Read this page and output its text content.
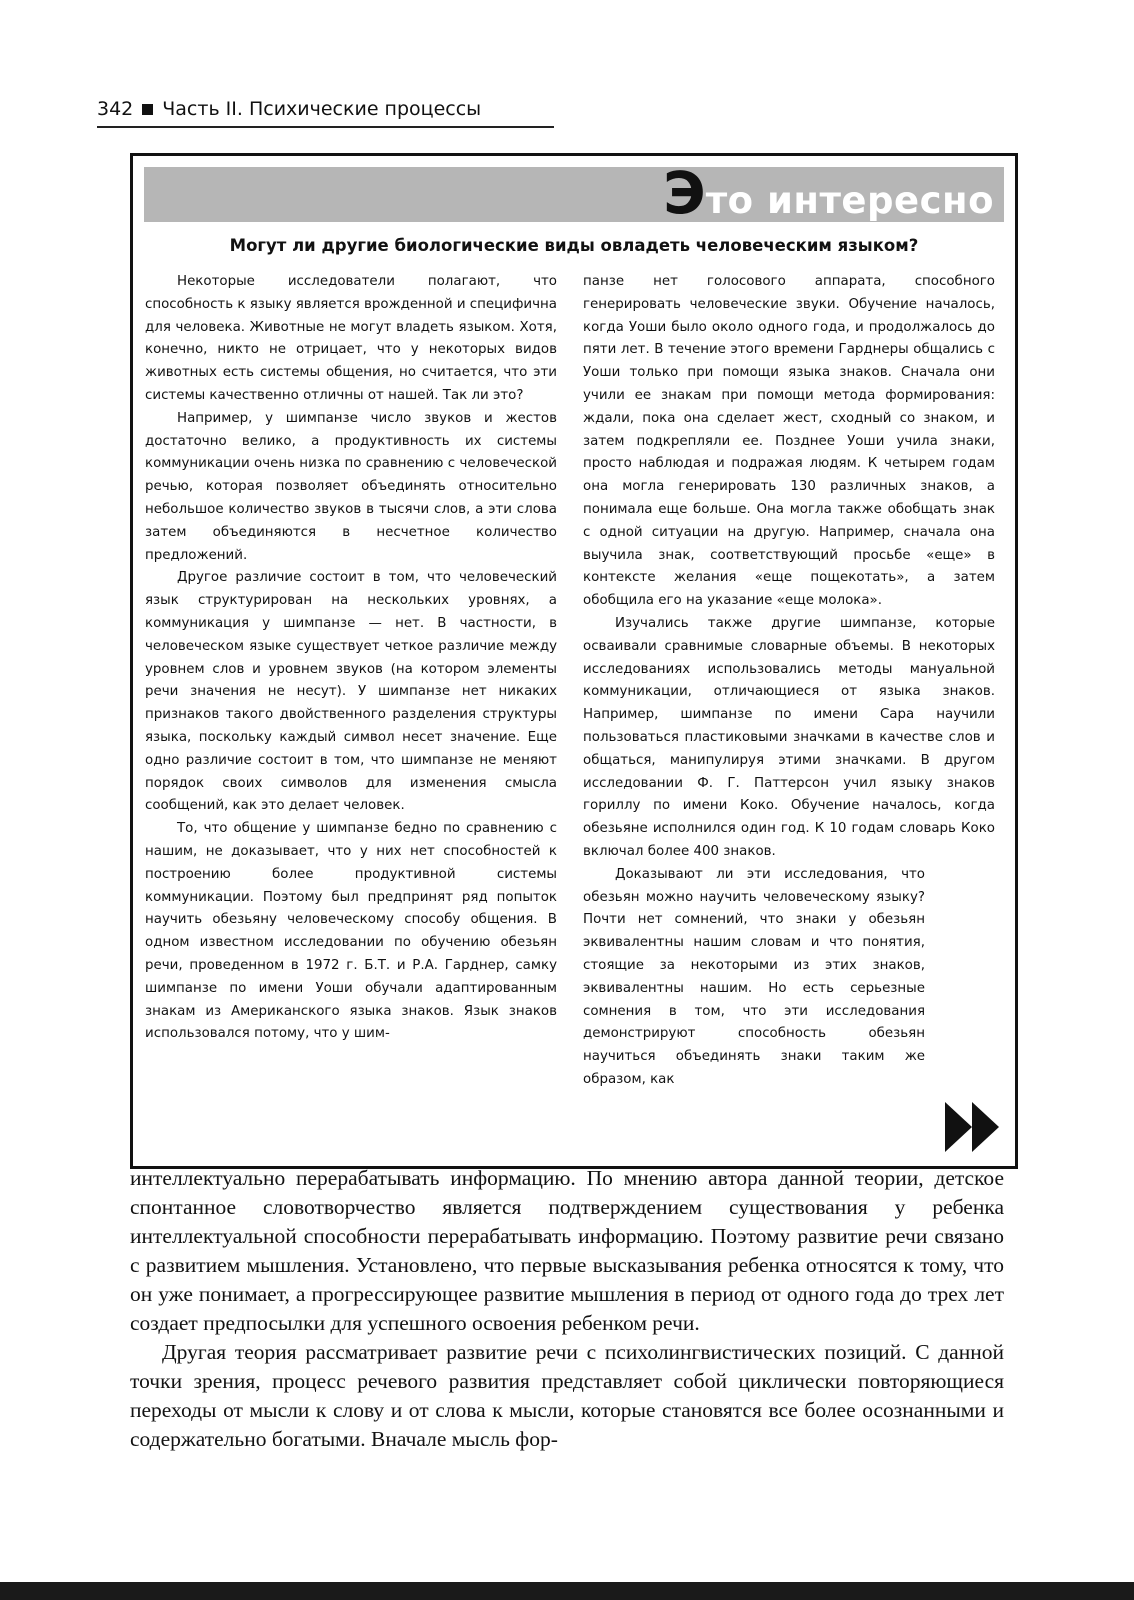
342 Часть II. Психические процессы
Это интересно
Могут ли другие биологические виды овладеть человеческим языком?

Некоторые исследователи полагают, что способность к языку является врожденной и специфична для человека. Животные не могут владеть языком. Хотя, конечно, никто не отрицает, что у некоторых видов животных есть системы общения, но считается, что эти системы качественно отличны от нашей. Так ли это?

Например, у шимпанзе число звуков и жестов достаточно велико, а продуктивность их системы коммуникации очень низка по сравнению с человеческой речью, которая позволяет объединять относительно небольшое количество звуков в тысячи слов, а эти слова затем объединяются в несчетное количество предложений.

Другое различие состоит в том, что человеческий язык структурирован на нескольких уровнях, а коммуникация у шимпанзе — нет. В частности, в человеческом языке существует четкое различие между уровнем слов и уровнем звуков (на котором элементы речи значения не несут). У шимпанзе нет никаких признаков такого двойственного разделения структуры языка, поскольку каждый символ несет значение. Еще одно различие состоит в том, что шимпанзе не меняют порядок своих символов для изменения смысла сообщений, как это делает человек.

То, что общение у шимпанзе бедно по сравнению с нашим, не доказывает, что у них нет способностей к построению более продуктивной системы коммуникации. Поэтому был предпринят ряд попыток научить обезьяну человеческому способу общения. В одном известном исследовании по обучению обезьян речи, проведенном в 1972 г. Б.Т. и Р.А. Гарднер, самку шимпанзе по имени Уоши обучали адаптированным знакам из Американского языка знаков. Язык знаков использовался потому, что у шим-

панзе нет голосового аппарата, способного генерировать человеческие звуки. Обучение началось, когда Уоши было около одного года, и продолжалось до пяти лет. В течение этого времени Гарднеры общались с Уоши только при помощи языка знаков. Сначала они учили ее знакам при помощи метода формирования: ждали, пока она сделает жест, сходный со знаком, и затем подкрепляли ее. Позднее Уоши учила знаки, просто наблюдая и подражая людям. К четырем годам она могла генерировать 130 различных знаков, а понимала еще больше. Она могла также обобщать знак с одной ситуации на другую. Например, сначала она выучила знак, соответствующий просьбе «еще» в контексте желания «еще пощекотать», а затем обобщила его на указание «еще молока».

Изучались также другие шимпанзе, которые осваивали сравнимые словарные объемы. В некоторых исследованиях использовались методы мануальной коммуникации, отличающиеся от языка знаков. Например, шимпанзе по имени Сара научили пользоваться пластиковыми значками в качестве слов и общаться, манипулируя этими значками. В другом исследовании Ф. Г. Паттерсон учил языку знаков гориллу по имени Коко. Обучение началось, когда обезьяне исполнился один год. К 10 годам словарь Коко включал более 400 знаков.

Доказывают ли эти исследования, что обезьян можно научить человеческому языку? Почти нет сомнений, что знаки у обезьян эквивалентны нашим словам и что понятия, стоящие за некоторыми из этих знаков, эквивалентны нашим. Но есть серьезные сомнения в том, что эти исследования демонстрируют способность обезьян научиться объединять знаки таким же образом, как

интеллектуально перерабатывать информацию. По мнению автора данной теории, детское спонтанное словотворчество является подтверждением существования у ребенка интеллектуальной способности перерабатывать информацию. Поэтому развитие речи связано с развитием мышления. Установлено, что первые высказывания ребенка относятся к тому, что он уже понимает, а прогрессирующее развитие мышления в период от одного года до трех лет создает предпосылки для успешного освоения ребенком речи.

Другая теория рассматривает развитие речи с психолингвистических позиций. С данной точки зрения, процесс речевого развития представляет собой циклически повторяющиеся переходы от мысли к слову и от слова к мысли, которые становятся все более осознанными и содержательно богатыми. Вначале мысль фор-
